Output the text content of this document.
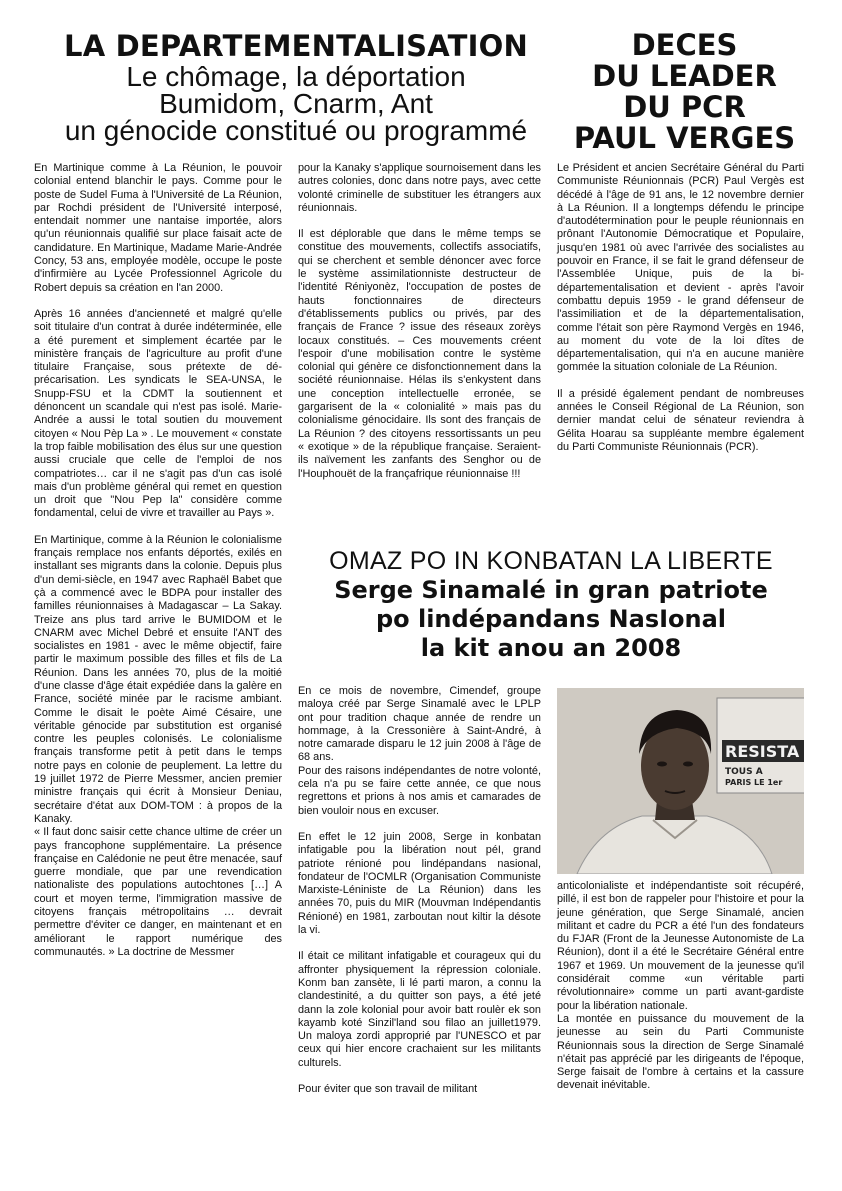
LA DEPARTEMENTALISATION
Le chômage, la déportation
Bumidom, Cnarm, Ant
un génocide constitué ou programmé
DECES
DU LEADER
DU PCR
PAUL VERGES

En Martinique comme à La Réunion, le pouvoir colonial entend blanchir le pays. Comme pour le poste de Sudel Fuma à l'Université de La Réunion, par Rochdi président de l'Université interposé, entendait nommer une nantaise importée, alors qu'un réunionnais qualifié sur place faisait acte de candidature. En Martinique, Madame Marie-Andrée Concy, 53 ans, employée modèle, occupe le poste d'infirmière au Lycée Professionnel Agricole du Robert depuis sa création en l'an 2000.

Après 16 années d'ancienneté et malgré qu'elle soit titulaire d'un contrat à durée indéterminée, elle a été purement et simplement écartée par le ministère français de l'agriculture au profit d'une titulaire Française, sous prétexte de dé-précarisation. Les syndicats le SEA-UNSA, le Snupp-FSU et la CDMT la soutiennent et dénoncent un scandale qui n'est pas isolé. Marie-Andrée a aussi le total soutien du mouvement citoyen « Nou Pèp La » . Le mouvement « constate la trop faible mobilisation des élus sur une question aussi cruciale que celle de l'emploi de nos compatriotes… car il ne s'agit pas d'un cas isolé mais d'un problème général qui remet en question un droit que "Nou Pep la" considère comme fondamental, celui de vivre et travailler au Pays ».

En Martinique, comme à la Réunion le colonialisme français remplace nos enfants déportés, exilés en installant ses migrants dans la colonie. Depuis plus d'un demi-siècle, en 1947 avec Raphaël Babet que çà a commencé avec le BDPA pour installer des familles réunionnaises à Madagascar – La Sakay. Treize ans plus tard arrive le BUMIDOM et le CNARM avec Michel Debré et ensuite l'ANT des socialistes en 1981 - avec le même objectif, faire partir le maximum possible des filles et fils de La Réunion. Dans les années 70, plus de la moitié d'une classe d'âge était expédiée dans la galère en France, société minée par le racisme ambiant. Comme le disait le poète Aimé Césaire, une véritable génocide par substitution est organisé contre les peuples colonisés. Le colonialisme français transforme petit à petit dans le temps notre pays en colonie de peuplement. La lettre du 19 juillet 1972 de Pierre Messmer, ancien premier ministre français qui écrit à Monsieur Deniau, secrétaire d'état aux DOM-TOM : à propos de la Kanaky.

« Il faut donc saisir cette chance ultime de créer un pays francophone supplémentaire. La présence française en Calédonie ne peut être menacée, sauf guerre mondiale, que par une revendication nationaliste des populations autochtones […] A court et moyen terme, l'immigration massive de citoyens français métropolitains … devrait permettre d'éviter ce danger, en maintenant et en améliorant le rapport numérique des communautés. » La doctrine de Messmer

pour la Kanaky s'applique sournoisement dans les autres colonies, donc dans notre pays, avec cette volonté criminelle de substituer les étrangers aux réunionnais.

Il est déplorable que dans le même temps se constitue des mouvements, collectifs associatifs, qui se cherchent et semble dénoncer avec force le système assimilationniste destructeur de l'identité Réniyonèz, l'occupation de postes de hauts fonctionnaires de directeurs d'établissements publics ou privés, par des français de France ? issue des réseaux zorèys locaux constitués. – Ces mouvements créent l'espoir d'une mobilisation contre le système colonial qui génère ce disfonctionnement dans la société réunionnaise. Hélas ils s'enkystent dans une conception intellectuelle erronée, se gargarisent de la « colonialité » mais pas du colonialisme génocidaire. Ils sont des français de La Réunion ? des citoyens ressortissants un peu « exotique » de la république française. Seraient-ils naïvement les zanfants des Senghor ou de l'Houphouët de la françafrique réunionnaise !!!

Le Président et ancien Secrétaire Général du Parti Communiste Réunionnais (PCR) Paul Vergès est décédé à l'âge de 91 ans, le 12 novembre dernier à La Réunion. Il a longtemps défendu le principe d'autodétermination pour le peuple réunionnais en prônant l'Autonomie Démocratique et Populaire, jusqu'en 1981 où avec l'arrivée des socialistes au pouvoir en France, il se fait le grand défenseur de l'Assemblée Unique, puis de la bi-départementalisation et devient - après l'avoir combattu depuis 1959 - le grand défenseur de l'assimiliation et de la départementalisation, comme l'était son père Raymond Vergès en 1946, au moment du vote de la loi dîtes de départementalisation, qui n'a en aucune manière gommée la situation coloniale de La Réunion.

Il a présidé également pendant de nombreuses années le Conseil Régional de La Réunion, son dernier mandat celui de sénateur reviendra à Gélita Hoarau sa suppléante membre également du Parti Communiste Réunionnais (PCR).

OMAZ PO IN KONBATAN LA LIBERTE
Serge Sinamalé in gran patriote
po lindépandans NasIonal
la kit anou an 2008

En ce mois de novembre, Cimendef, groupe maloya créé par Serge Sinamalé avec le LPLP ont pour tradition chaque année de rendre un hommage, à la Cressonière à Saint-André, à notre camarade disparu le 12 juin 2008 à l'âge de 68 ans.

Pour des raisons indépendantes de notre volonté, cela n'a pu se faire cette année, ce que nous regrettons et prions à nos amis et camarades de bien vouloir nous en excuser.

En effet le 12 juin 2008, Serge in konbatan infatigable pou la libération nout péI, grand patriote rénioné pou lindépandans nasional, fondateur de l'OCMLR (Organisation Communiste Marxiste-Léniniste de La Réunion) dans les années 70, puis du MIR (Mouvman Indépendantis Rénioné) en 1981, zarboutan nout kiltir la désote la vi.

Il était ce militant infatigable et courageux qui du affronter physiquement la répression coloniale. Konm ban zansète, li lé parti maron, a connu la clandestinité, a du quitter son pays, a été jeté dann la zole kolonial pour avoir batt roulèr ek son kayamb koté Sinzil'land sou filao an juillet1979. Un maloya zordi approprié par l'UNESCO et par ceux qui hier encore crachaient sur les militants culturels.

Pour éviter que son travail de militant

RESISTA
TOUS A
PARIS LE 1er

anticolonialiste et indépendantiste soit récupéré, pillé, il est bon de rappeler pour l'histoire et pour la jeune génération, que Serge Sinamalé, ancien militant et cadre du PCR a été l'un des fondateurs du FJAR (Front de la Jeunesse Autonomiste de La Réunion), dont il a été le Secrétaire Général entre 1967 et 1969. Un mouvement de la jeunesse qu'il considérait comme «un véritable parti révolutionnaire» comme un parti avant-gardiste pour la libération nationale.

La montée en puissance du mouvement de la jeunesse au sein du Parti Communiste Réunionnais sous la direction de Serge Sinamalé n'était pas apprécié par les dirigeants de l'époque, Serge faisait de l'ombre à certains et la cassure devenait inévitable.
